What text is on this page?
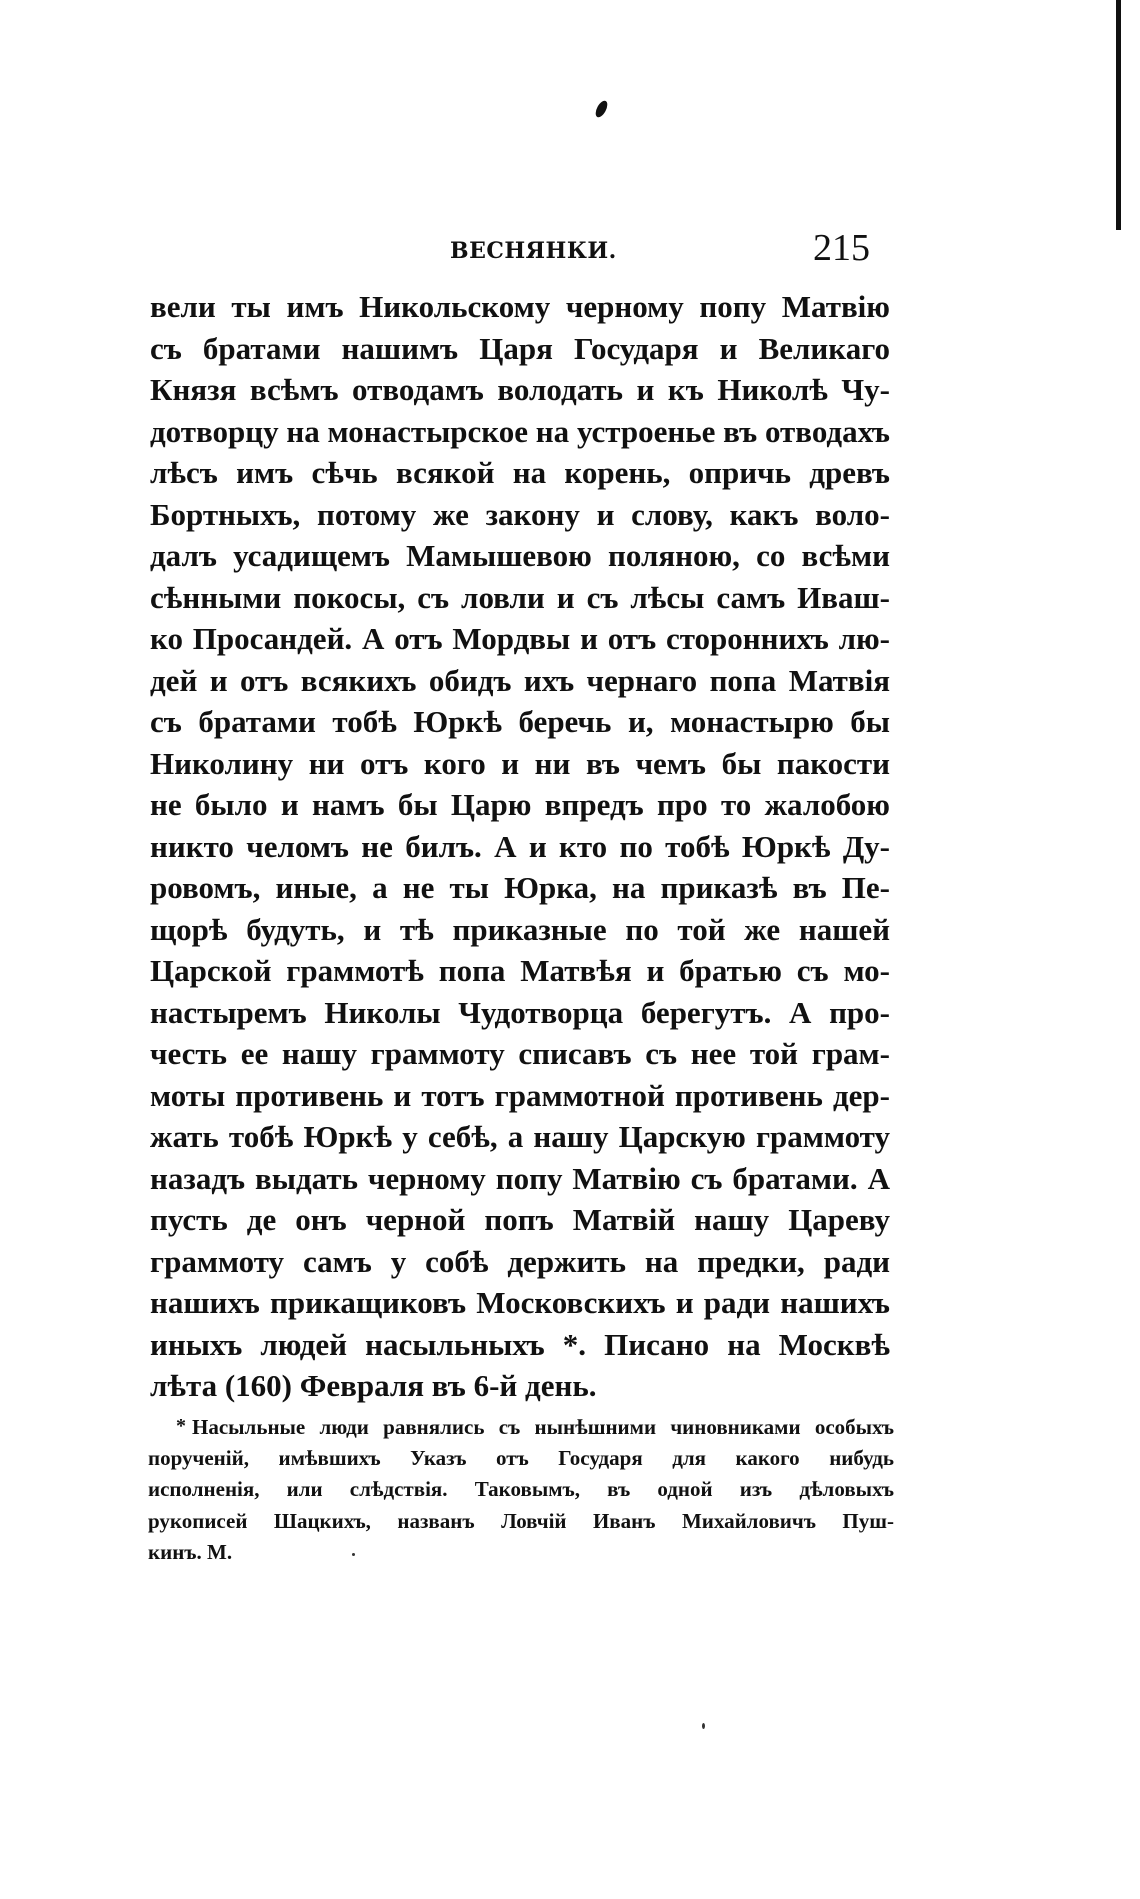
ВЕСНЯНКИ.	215
вели ты имъ Никольскому черному попу Матвію
съ братами нашимъ Царя Государя и Великаго
Князя всѣмъ отводамъ володать и къ Николѣ Чу-
дотворцу на монастырское на устроенье въ отводахъ
лѣсъ имъ сѣчь всякой на корень, опричь древъ
Бортныхъ, потому же закону и слову, какъ воло-
далъ усадищемъ Мамышевою поляною, со всѣми
сѣнными покосы, съ ловли и съ лѣсы самъ Иваш-
ко Просандей. А отъ Мордвы и отъ стороннихъ лю-
дей и отъ всякихъ обидъ ихъ чернаго попа Матвія
съ братами тобѣ Юркѣ беречь и, монастырю бы
Николину ни отъ кого и ни въ чемъ бы пакости
не было и намъ бы Царю впредъ про то жалобою
никто челомъ не билъ. А и кто по тобѣ Юркѣ Ду-
ровомъ, иные, а не ты Юрка, на приказѣ въ Пе-
щорѣ будуть, и тѣ приказные по той же нашей
Царской граммотѣ попа Матвѣя и братью съ мо-
настыремъ Николы Чудотворца берегутъ. А про-
честь ее нашу граммоту списавъ съ нее той грам-
моты противень и тотъ граммотной противень дер-
жать тобѣ Юркѣ у себѣ, а нашу Царскую граммоту
назадъ выдать черному попу Матвію съ братами. А
пусть де онъ черной попъ Матвій нашу Цареву
граммоту самъ у собѣ держить на предки, ради
нашихъ прикащиковъ Московскихъ и ради нашихъ
иныхъ людей насыльныхъ *. Писано на Москвѣ
лѣта (160) Февраля въ 6-й день.
* Насыльные люди равнялись съ нынѣшними чиновниками особыхъ
порученій, имѣвшихъ Указъ отъ Государя для какого нибудь
исполненія, или слѣдствія. Таковымъ, въ одной изъ дѣловыхъ
рукописей Шацкихъ, названъ Ловчій Иванъ Михайловичъ Пуш-
кинъ. М.
